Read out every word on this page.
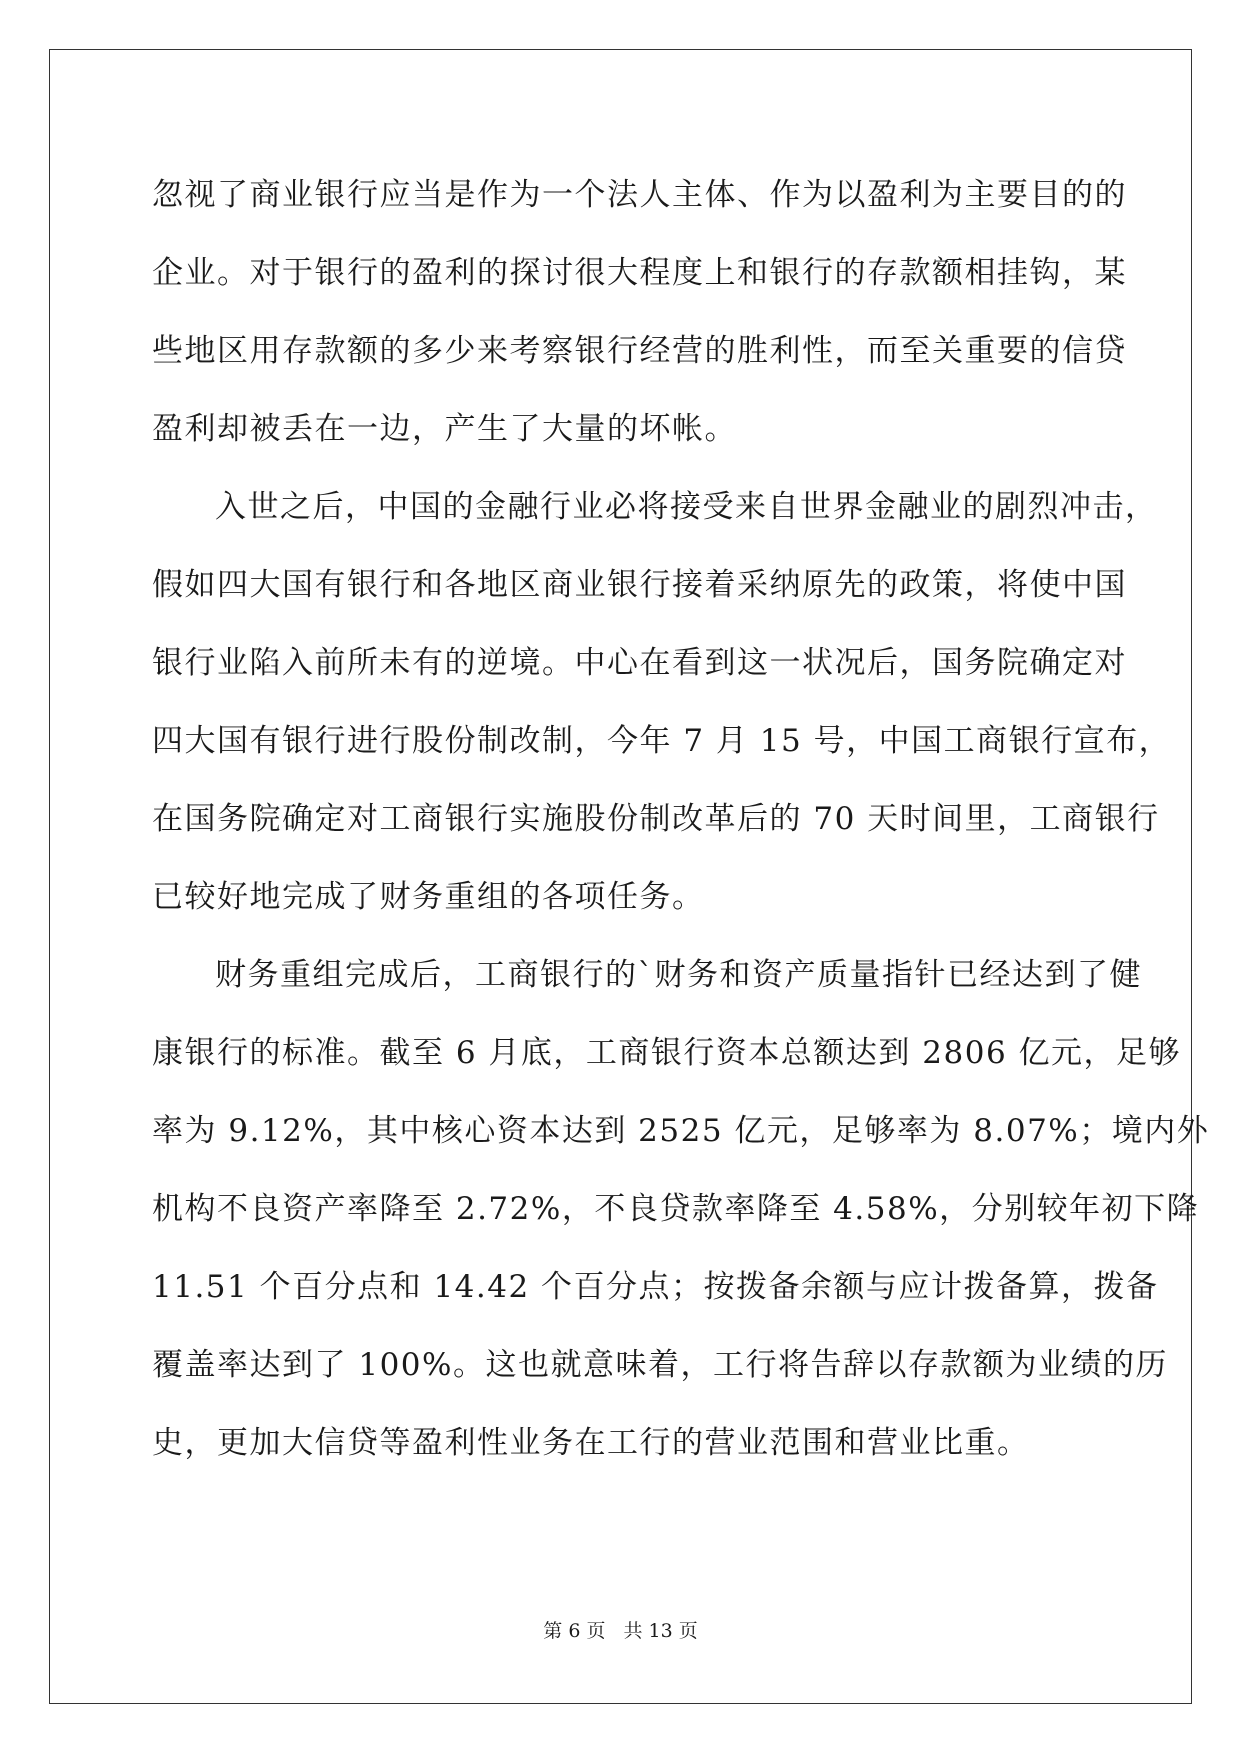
忽视了商业银行应当是作为一个法人主体、作为以盈利为主要目的的
企业。对于银行的盈利的探讨很大程度上和银行的存款额相挂钩，某
些地区用存款额的多少来考察银行经营的胜利性，而至关重要的信贷
盈利却被丢在一边，产生了大量的坏帐。
入世之后，中国的金融行业必将接受来自世界金融业的剧烈冲击，
假如四大国有银行和各地区商业银行接着采纳原先的政策，将使中国
银行业陷入前所未有的逆境。中心在看到这一状况后，国务院确定对
四大国有银行进行股份制改制，今年 7 月 15 号，中国工商银行宣布，
在国务院确定对工商银行实施股份制改革后的 70 天时间里，工商银行
已较好地完成了财务重组的各项任务。
财务重组完成后，工商银行的`财务和资产质量指针已经达到了健
康银行的标准。截至 6 月底，工商银行资本总额达到 2806 亿元，足够
率为 9.12%，其中核心资本达到 2525 亿元，足够率为 8.07%；境内外
机构不良资产率降至 2.72%，不良贷款率降至 4.58%，分别较年初下降
11.51 个百分点和 14.42 个百分点；按拨备余额与应计拨备算，拨备
覆盖率达到了 100%。这也就意味着，工行将告辞以存款额为业绩的历
史，更加大信贷等盈利性业务在工行的营业范围和营业比重。
第 6 页 共 13 页
